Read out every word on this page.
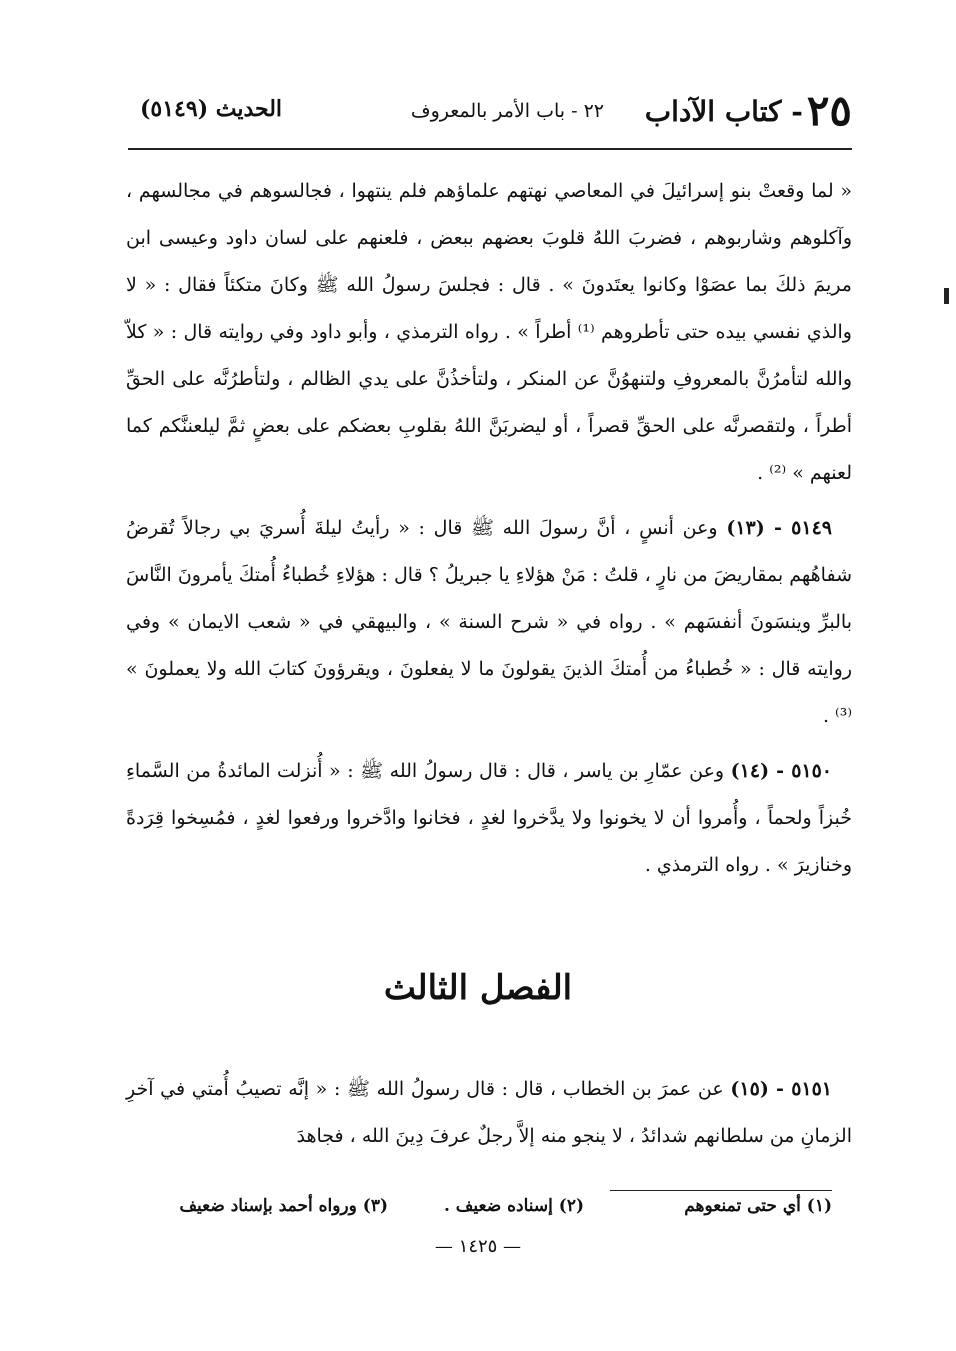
٢٥- كتاب الآداب
٢٢ - باب الأمر بالمعروف
الحديث (٥١٤٩)

« لما وقعتْ بنو إسرائيلَ في المعاصي نهتهم علماؤهم فلم ينتهوا ، فجالسوهم في مجالسهم ، وآكلوهم وشاربوهم ، فضربَ اللهُ قلوبَ بعضهم ببعض ، فلعنهم على لسان داود وعيسى ابن مريمَ ذلكَ بما عصَوْا وكانوا يعتَدونَ » . قال : فجلسَ رسولُ الله ﷺ وكانَ متكئاً فقال : « لا والذي نفسي بيده حتى تأطروهم ⁽¹⁾ أطراً » . رواه الترمذي ، وأبو داود وفي روايته قال : « كلاّ والله لتأمرُنَّ بالمعروفِ ولتنهوُنَّ عن المنكر ، ولتأخذُنَّ على يدي الظالم ، ولتأطرُنَّه على الحقِّ أطراً ، ولتقصرنَّه على الحقِّ قصراً ، أو ليضربَنَّ اللهُ بقلوبِ بعضكم على بعضٍ ثمَّ ليلعننَّكم كما لعنهم » ⁽²⁾ .

٥١٤٩ - (١٣) وعن أنسٍ ، أنَّ رسولَ الله ﷺ قال : « رأيتُ ليلةَ أُسريَ بي رجالاً تُقرضُ شفاهُهم بمقاريضَ من نارٍ ، قلتُ : مَنْ هؤلاءِ يا جبريلُ ؟ قال : هؤلاءِ خُطباءُ أُمتكَ يأمرونَ النَّاسَ بالبرِّ وينسَونَ أنفسَهم » . رواه في « شرح السنة » ، والبيهقي في « شعب الايمان » وفي روايته قال : « خُطباءُ من أُمتكَ الذينَ يقولونَ ما لا يفعلونَ ، ويقرؤونَ كتابَ الله ولا يعملونَ » ⁽³⁾ .

٥١٥٠ - (١٤) وعن عمّارِ بن ياسر ، قال : قال رسولُ الله ﷺ : « أُنزلت المائدةُ من السَّماءِ خُبزاً ولحماً ، وأُمروا أن لا يخونوا ولا يدَّخروا لغدٍ ، فخانوا وادَّخروا ورفعوا لغدٍ ، فمُسِخوا قِرَدةً وخنازيرَ » . رواه الترمذي .

الفصل الثالث

٥١٥١ - (١٥) عن عمرَ بن الخطاب ، قال : قال رسولُ الله ﷺ : « إنَّه تصيبُ أُمتي في آخرِ الزمانِ من سلطانهم شدائدُ ، لا ينجو منه إلاَّ رجلٌ عرفَ دِينَ الله ، فجاهدَ

(١) أي حتى تمنعوهم
(٢) إسناده ضعيف .
(٣) ورواه أحمد بإسناد ضعيف
— ١٤٢٥ —
